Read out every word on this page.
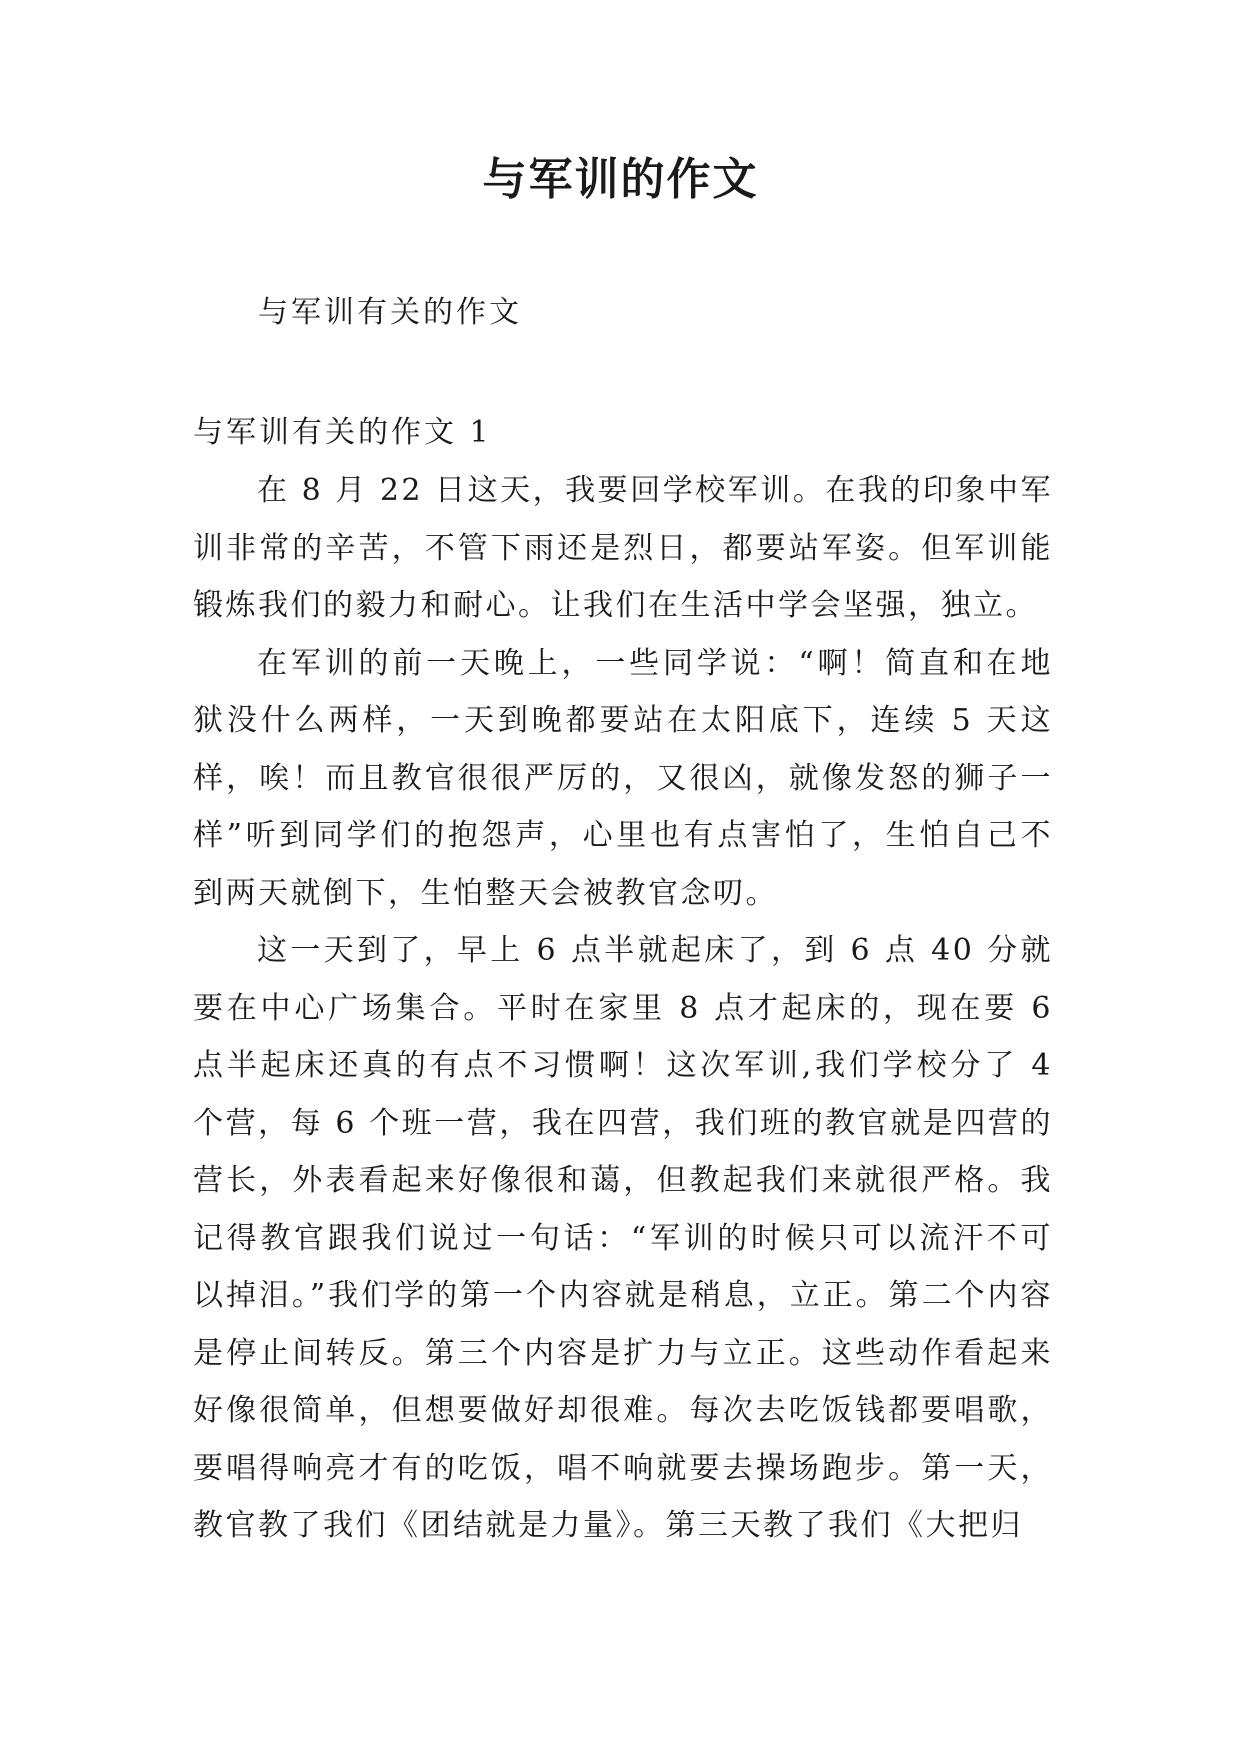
与军训的作文
与军训有关的作文
与军训有关的作文 1

在 8 月 22 日这天，我要回学校军训。在我的印象中军训非常的辛苦，不管下雨还是烈日，都要站军姿。但军训能锻炼我们的毅力和耐心。让我们在生活中学会坚强，独立。

在军训的前一天晚上，一些同学说：“啊！简直和在地狱没什么两样，一天到晚都要站在太阳底下，连续 5 天这样，唉！而且教官很很严厉的，又很凶，就像发怒的狮子一样”听到同学们的抱怨声，心里也有点害怕了，生怕自己不到两天就倒下，生怕整天会被教官念叨。

这一天到了，早上 6 点半就起床了，到 6 点 40 分就要在中心广场集合。平时在家里 8 点才起床的，现在要 6 点半起床还真的有点不习惯啊！这次军训,我们学校分了 4 个营，每 6 个班一营，我在四营，我们班的教官就是四营的营长，外表看起来好像很和蔼，但教起我们来就很严格。我记得教官跟我们说过一句话：“军训的时候只可以流汗不可以掉泪。”我们学的第一个内容就是稍息，立正。第二个内容是停止间转反。第三个内容是扩力与立正。这些动作看起来好像很简单，但想要做好却很难。每次去吃饭钱都要唱歌，要唱得响亮才有的吃饭，唱不响就要去操场跑步。第一天，教官教了我们《团结就是力量》。第三天教了我们《大把归
